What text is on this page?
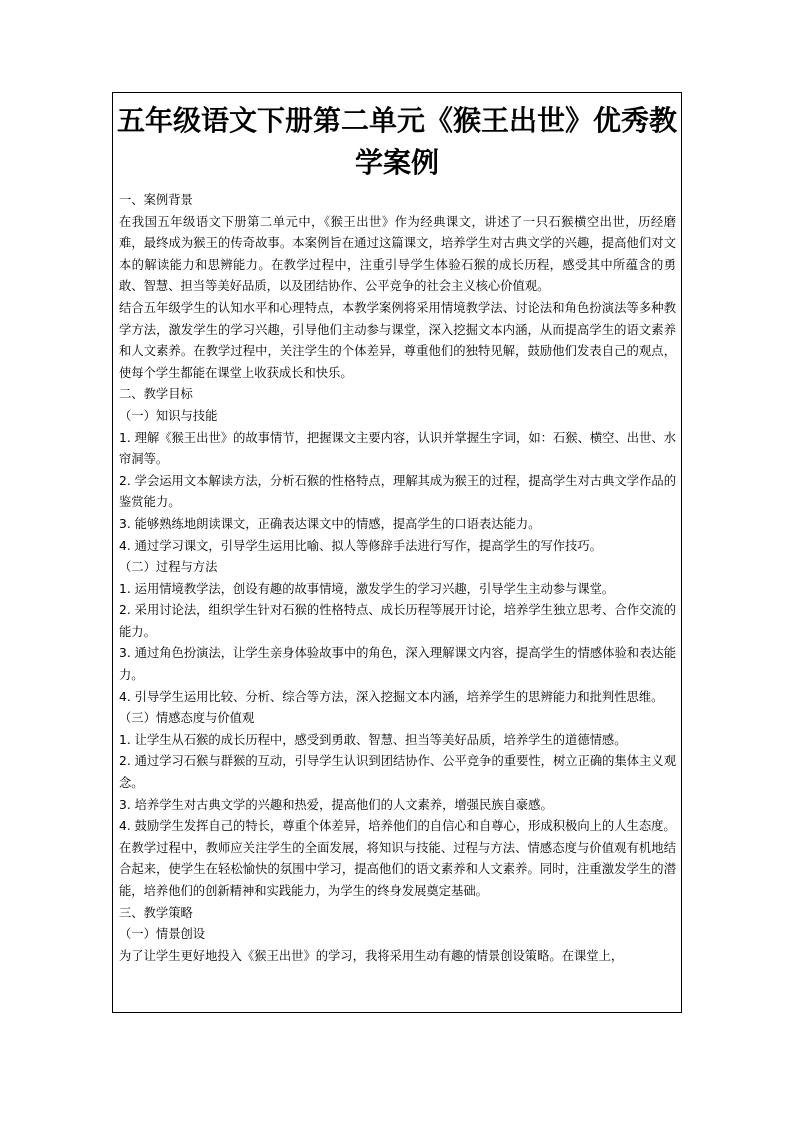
五年级语文下册第二单元《猴王出世》优秀教学案例

一、案例背景

在我国五年级语文下册第二单元中，《猴王出世》作为经典课文，讲述了一只石猴横空出世，历经磨难，最终成为猴王的传奇故事。本案例旨在通过这篇课文，培养学生对古典文学的兴趣，提高他们对文本的解读能力和思辨能力。在教学过程中，注重引导学生体验石猴的成长历程，感受其中所蕴含的勇敢、智慧、担当等美好品质，以及团结协作、公平竞争的社会主义核心价值观。

结合五年级学生的认知水平和心理特点，本教学案例将采用情境教学法、讨论法和角色扮演法等多种教学方法，激发学生的学习兴趣，引导他们主动参与课堂，深入挖掘文本内涵，从而提高学生的语文素养和人文素养。在教学过程中，关注学生的个体差异，尊重他们的独特见解，鼓励他们发表自己的观点，使每个学生都能在课堂上收获成长和快乐。

二、教学目标

（一）知识与技能

1. 理解《猴王出世》的故事情节，把握课文主要内容，认识并掌握生字词，如：石猴、横空、出世、水帘洞等。

2. 学会运用文本解读方法，分析石猴的性格特点，理解其成为猴王的过程，提高学生对古典文学作品的鉴赏能力。

3. 能够熟练地朗读课文，正确表达课文中的情感，提高学生的口语表达能力。

4. 通过学习课文，引导学生运用比喻、拟人等修辞手法进行写作，提高学生的写作技巧。

（二）过程与方法

1. 运用情境教学法，创设有趣的故事情境，激发学生的学习兴趣，引导学生主动参与课堂。

2. 采用讨论法，组织学生针对石猴的性格特点、成长历程等展开讨论，培养学生独立思考、合作交流的能力。

3. 通过角色扮演法，让学生亲身体验故事中的角色，深入理解课文内容，提高学生的情感体验和表达能力。

4. 引导学生运用比较、分析、综合等方法，深入挖掘文本内涵，培养学生的思辨能力和批判性思维。

（三）情感态度与价值观

1. 让学生从石猴的成长历程中，感受到勇敢、智慧、担当等美好品质，培养学生的道德情感。

2. 通过学习石猴与群猴的互动，引导学生认识到团结协作、公平竞争的重要性，树立正确的集体主义观念。

3. 培养学生对古典文学的兴趣和热爱，提高他们的人文素养，增强民族自豪感。

4. 鼓励学生发挥自己的特长，尊重个体差异，培养他们的自信心和自尊心，形成积极向上的人生态度。

在教学过程中，教师应关注学生的全面发展，将知识与技能、过程与方法、情感态度与价值观有机地结合起来，使学生在轻松愉快的氛围中学习，提高他们的语文素养和人文素养。同时，注重激发学生的潜能，培养他们的创新精神和实践能力，为学生的终身发展奠定基础。

三、教学策略

（一）情景创设

为了让学生更好地投入《猴王出世》的学习，我将采用生动有趣的情景创设策略。在课堂上，
